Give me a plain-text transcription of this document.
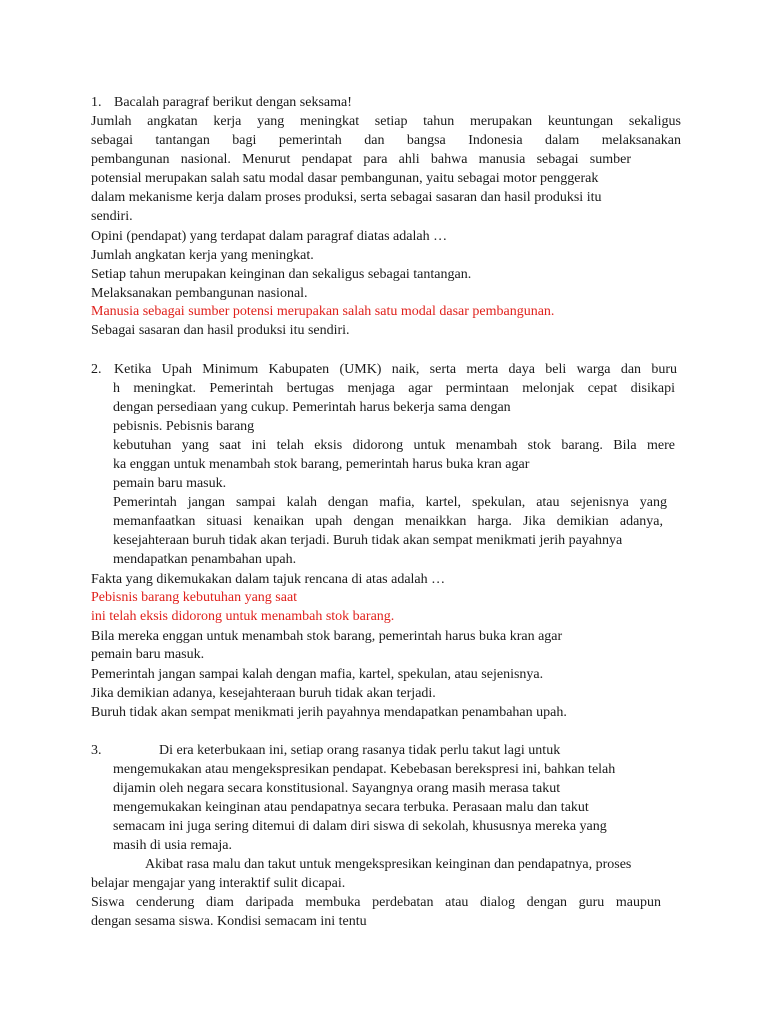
1. Bacalah paragraf berikut dengan seksama!
Jumlah angkatan kerja yang meningkat setiap tahun merupakan keuntungan sekaligus
sebagai tantangan bagi pemerintah dan bangsa Indonesia dalam melaksanakan
pembangunan nasional. Menurut pendapat para ahli bahwa manusia sebagai sumber
potensial merupakan salah satu modal dasar pembangunan, yaitu sebagai motor penggerak
dalam mekanisme kerja dalam proses produksi, serta sebagai sasaran dan hasil produksi itu
sendiri.
Opini (pendapat) yang terdapat dalam paragraf diatas adalah …
Jumlah angkatan kerja yang meningkat.
Setiap tahun merupakan keinginan dan sekaligus sebagai tantangan.
Melaksanakan pembangunan nasional.
Manusia sebagai sumber potensi merupakan salah satu modal dasar pembangunan.
Sebagai sasaran dan hasil produksi itu sendiri.
2. Ketika Upah Minimum Kabupaten (UMK) naik, serta merta daya beli warga dan buru
h meningkat. Pemerintah bertugas menjaga agar permintaan melonjak cepat disikapi
dengan persediaan yang cukup. Pemerintah harus bekerja sama dengan
pebisnis. Pebisnis barang
kebutuhan yang saat ini telah eksis didorong untuk menambah stok barang. Bila mere
ka enggan untuk menambah stok barang, pemerintah harus buka kran agar
pemain baru masuk.
Pemerintah jangan sampai kalah dengan mafia, kartel, spekulan, atau sejenisnya yang
memanfaatkan situasi kenaikan upah dengan menaikkan harga. Jika demikian adanya,
kesejahteraan buruh tidak akan terjadi. Buruh tidak akan sempat menikmati jerih payahnya
mendapatkan penambahan upah.
Fakta yang dikemukakan dalam tajuk rencana di atas adalah …
Pebisnis barang kebutuhan yang saat
ini telah eksis didorong untuk menambah stok barang.
Bila mereka enggan untuk menambah stok barang, pemerintah harus buka kran agar
pemain baru masuk.
Pemerintah jangan sampai kalah dengan mafia, kartel, spekulan, atau sejenisnya.
Jika demikian adanya, kesejahteraan buruh tidak akan terjadi.
Buruh tidak akan sempat menikmati jerih payahnya mendapatkan penambahan upah.
3.	Di era keterbukaan ini, setiap orang rasanya tidak perlu takut lagi untuk
mengemukakan atau mengekspresikan pendapat. Kebebasan berekspresi ini, bahkan telah
dijamin oleh negara secara konstitusional. Sayangnya orang masih merasa takut
mengemukakan keinginan atau pendapatnya secara terbuka. Perasaan malu dan takut
semacam ini juga sering ditemui di dalam diri siswa di sekolah, khususnya mereka yang
masih di usia remaja.
Akibat rasa malu dan takut untuk mengekspresikan keinginan dan pendapatnya, proses
belajar mengajar yang interaktif sulit dicapai.
Siswa cenderung diam daripada membuka perdebatan atau dialog dengan guru maupun
dengan sesama siswa. Kondisi semacam ini tentu
